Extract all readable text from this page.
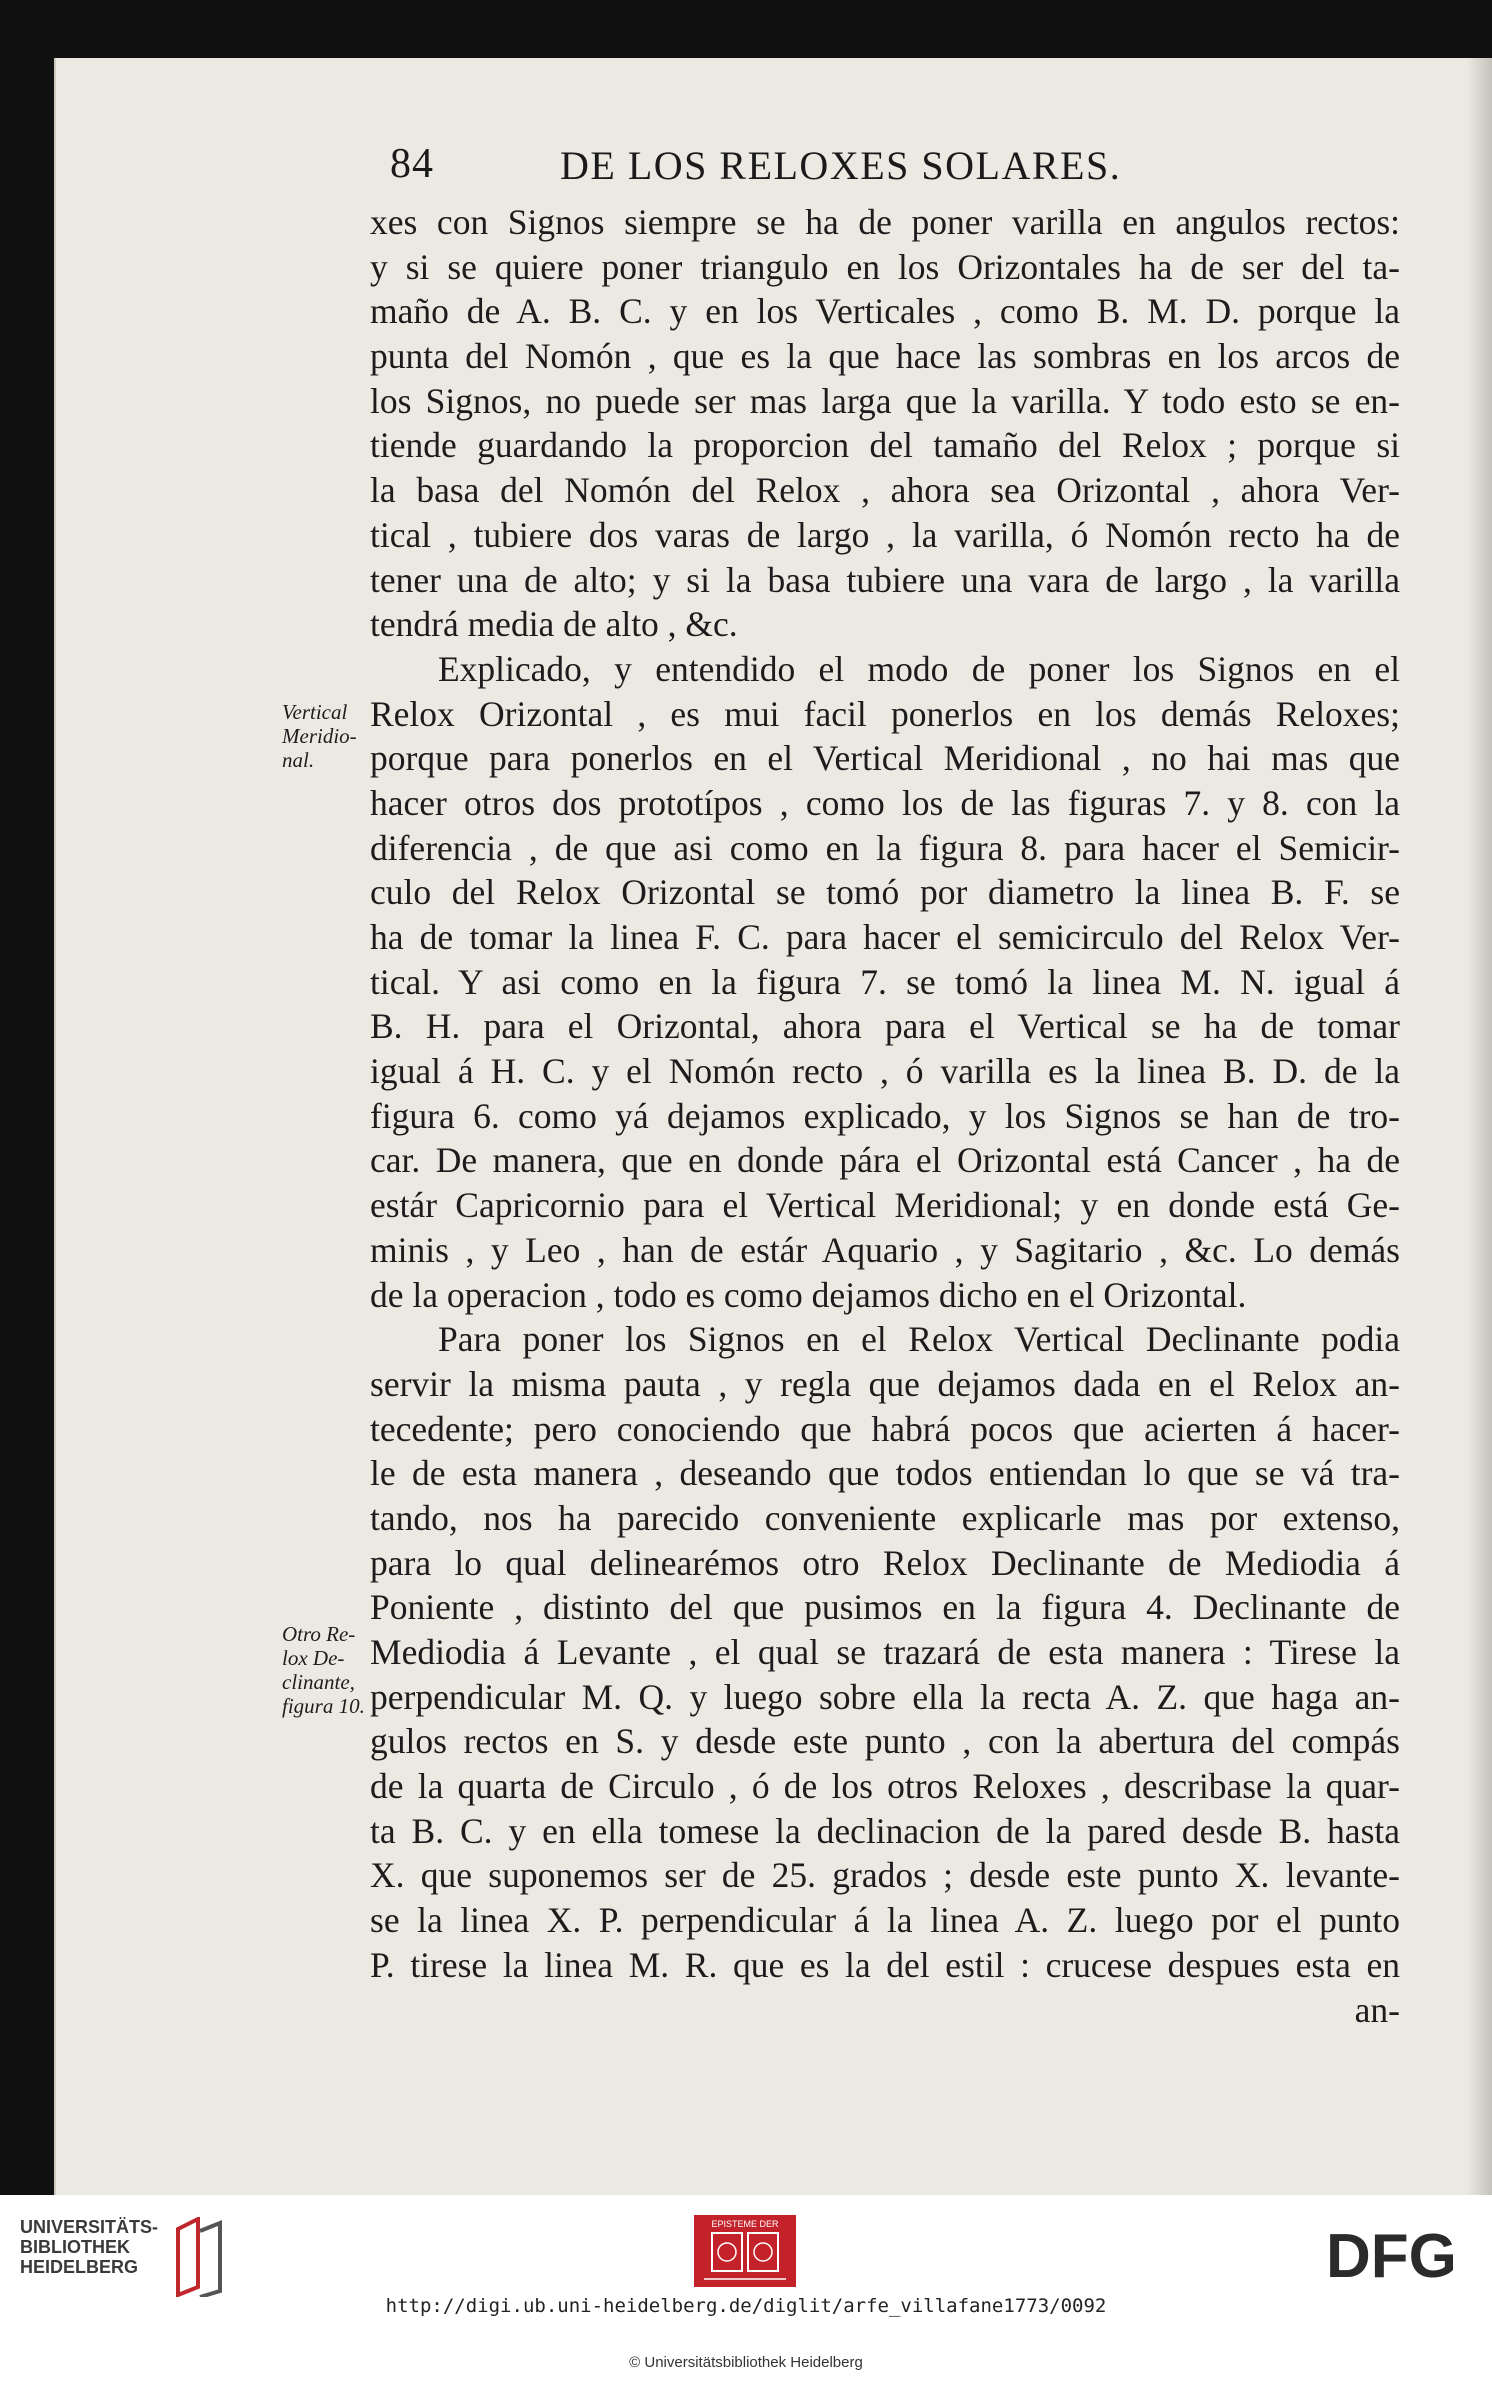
84	DE LOS RELOXES SOLARES.
Vertical
Meridio-
nal.
Otro Re-
lox De-
clinante,
figura 10.
xes con Signos siempre se ha de poner varilla en angulos rectos:
y si se quiere poner triangulo en los Orizontales ha de ser del ta-
maño de A. B. C. y en los Verticales , como B. M. D. porque la
punta del Nomón , que es la que hace las sombras en los arcos de
los Signos, no puede ser mas larga que la varilla. Y todo esto se en-
tiende guardando la proporcion del tamaño del Relox ; porque si
la basa del Nomón del Relox , ahora sea Orizontal , ahora Ver-
tical , tubiere dos varas de largo , la varilla, ó Nomón recto ha de
tener una de alto; y si la basa tubiere una vara de largo , la varilla
tendrá media de alto , &c.
Explicado, y entendido el modo de poner los Signos en el
Relox Orizontal , es mui facil ponerlos en los demás Reloxes;
porque para ponerlos en el Vertical Meridional , no hai mas que
hacer otros dos prototípos , como los de las figuras 7. y 8. con la
diferencia , de que asi como en la figura 8. para hacer el Semicir-
culo del Relox Orizontal se tomó por diametro la linea B. F. se
ha de tomar la linea F. C. para hacer el semicirculo del Relox Ver-
tical. Y asi como en la figura 7. se tomó la linea M. N. igual á
B. H. para el Orizontal, ahora para el Vertical se ha de tomar
igual á H. C. y el Nomón recto , ó varilla es la linea B. D. de la
figura 6. como yá dejamos explicado, y los Signos se han de tro-
car. De manera, que en donde pára el Orizontal está Cancer , ha de
estár Capricornio para el Vertical Meridional; y en donde está Ge-
minis , y Leo , han de estár Aquario , y Sagitario , &c. Lo demás
de la operacion , todo es como dejamos dicho en el Orizontal.
Para poner los Signos en el Relox Vertical Declinante podia
servir la misma pauta , y regla que dejamos dada en el Relox an-
tecedente; pero conociendo que habrá pocos que acierten á hacer-
le de esta manera , deseando que todos entiendan lo que se vá tra-
tando, nos ha parecido conveniente explicarle mas por extenso,
para lo qual delinearémos otro Relox Declinante de Mediodia á
Poniente , distinto del que pusimos en la figura 4. Declinante de
Mediodia á Levante , el qual se trazará de esta manera : Tirese la
perpendicular M. Q. y luego sobre ella la recta A. Z. que haga an-
gulos rectos en S. y desde este punto , con la abertura del compás
de la quarta de Circulo , ó de los otros Reloxes , describase la quar-
ta B. C. y en ella tomese la declinacion de la pared desde B. hasta
X. que suponemos ser de 25. grados ; desde este punto X. levante-
se la linea X. P. perpendicular á la linea A. Z. luego por el punto
P. tirese la linea M. R. que es la del estil : crucese despues esta en
an-
UNIVERSITÄTS-
BIBLIOTHEK
HEIDELBERG
EPISTEME DER	DFG
http://digi.ub.uni-heidelberg.de/diglit/arfe_villafane1773/0092
© Universitätsbibliothek Heidelberg
